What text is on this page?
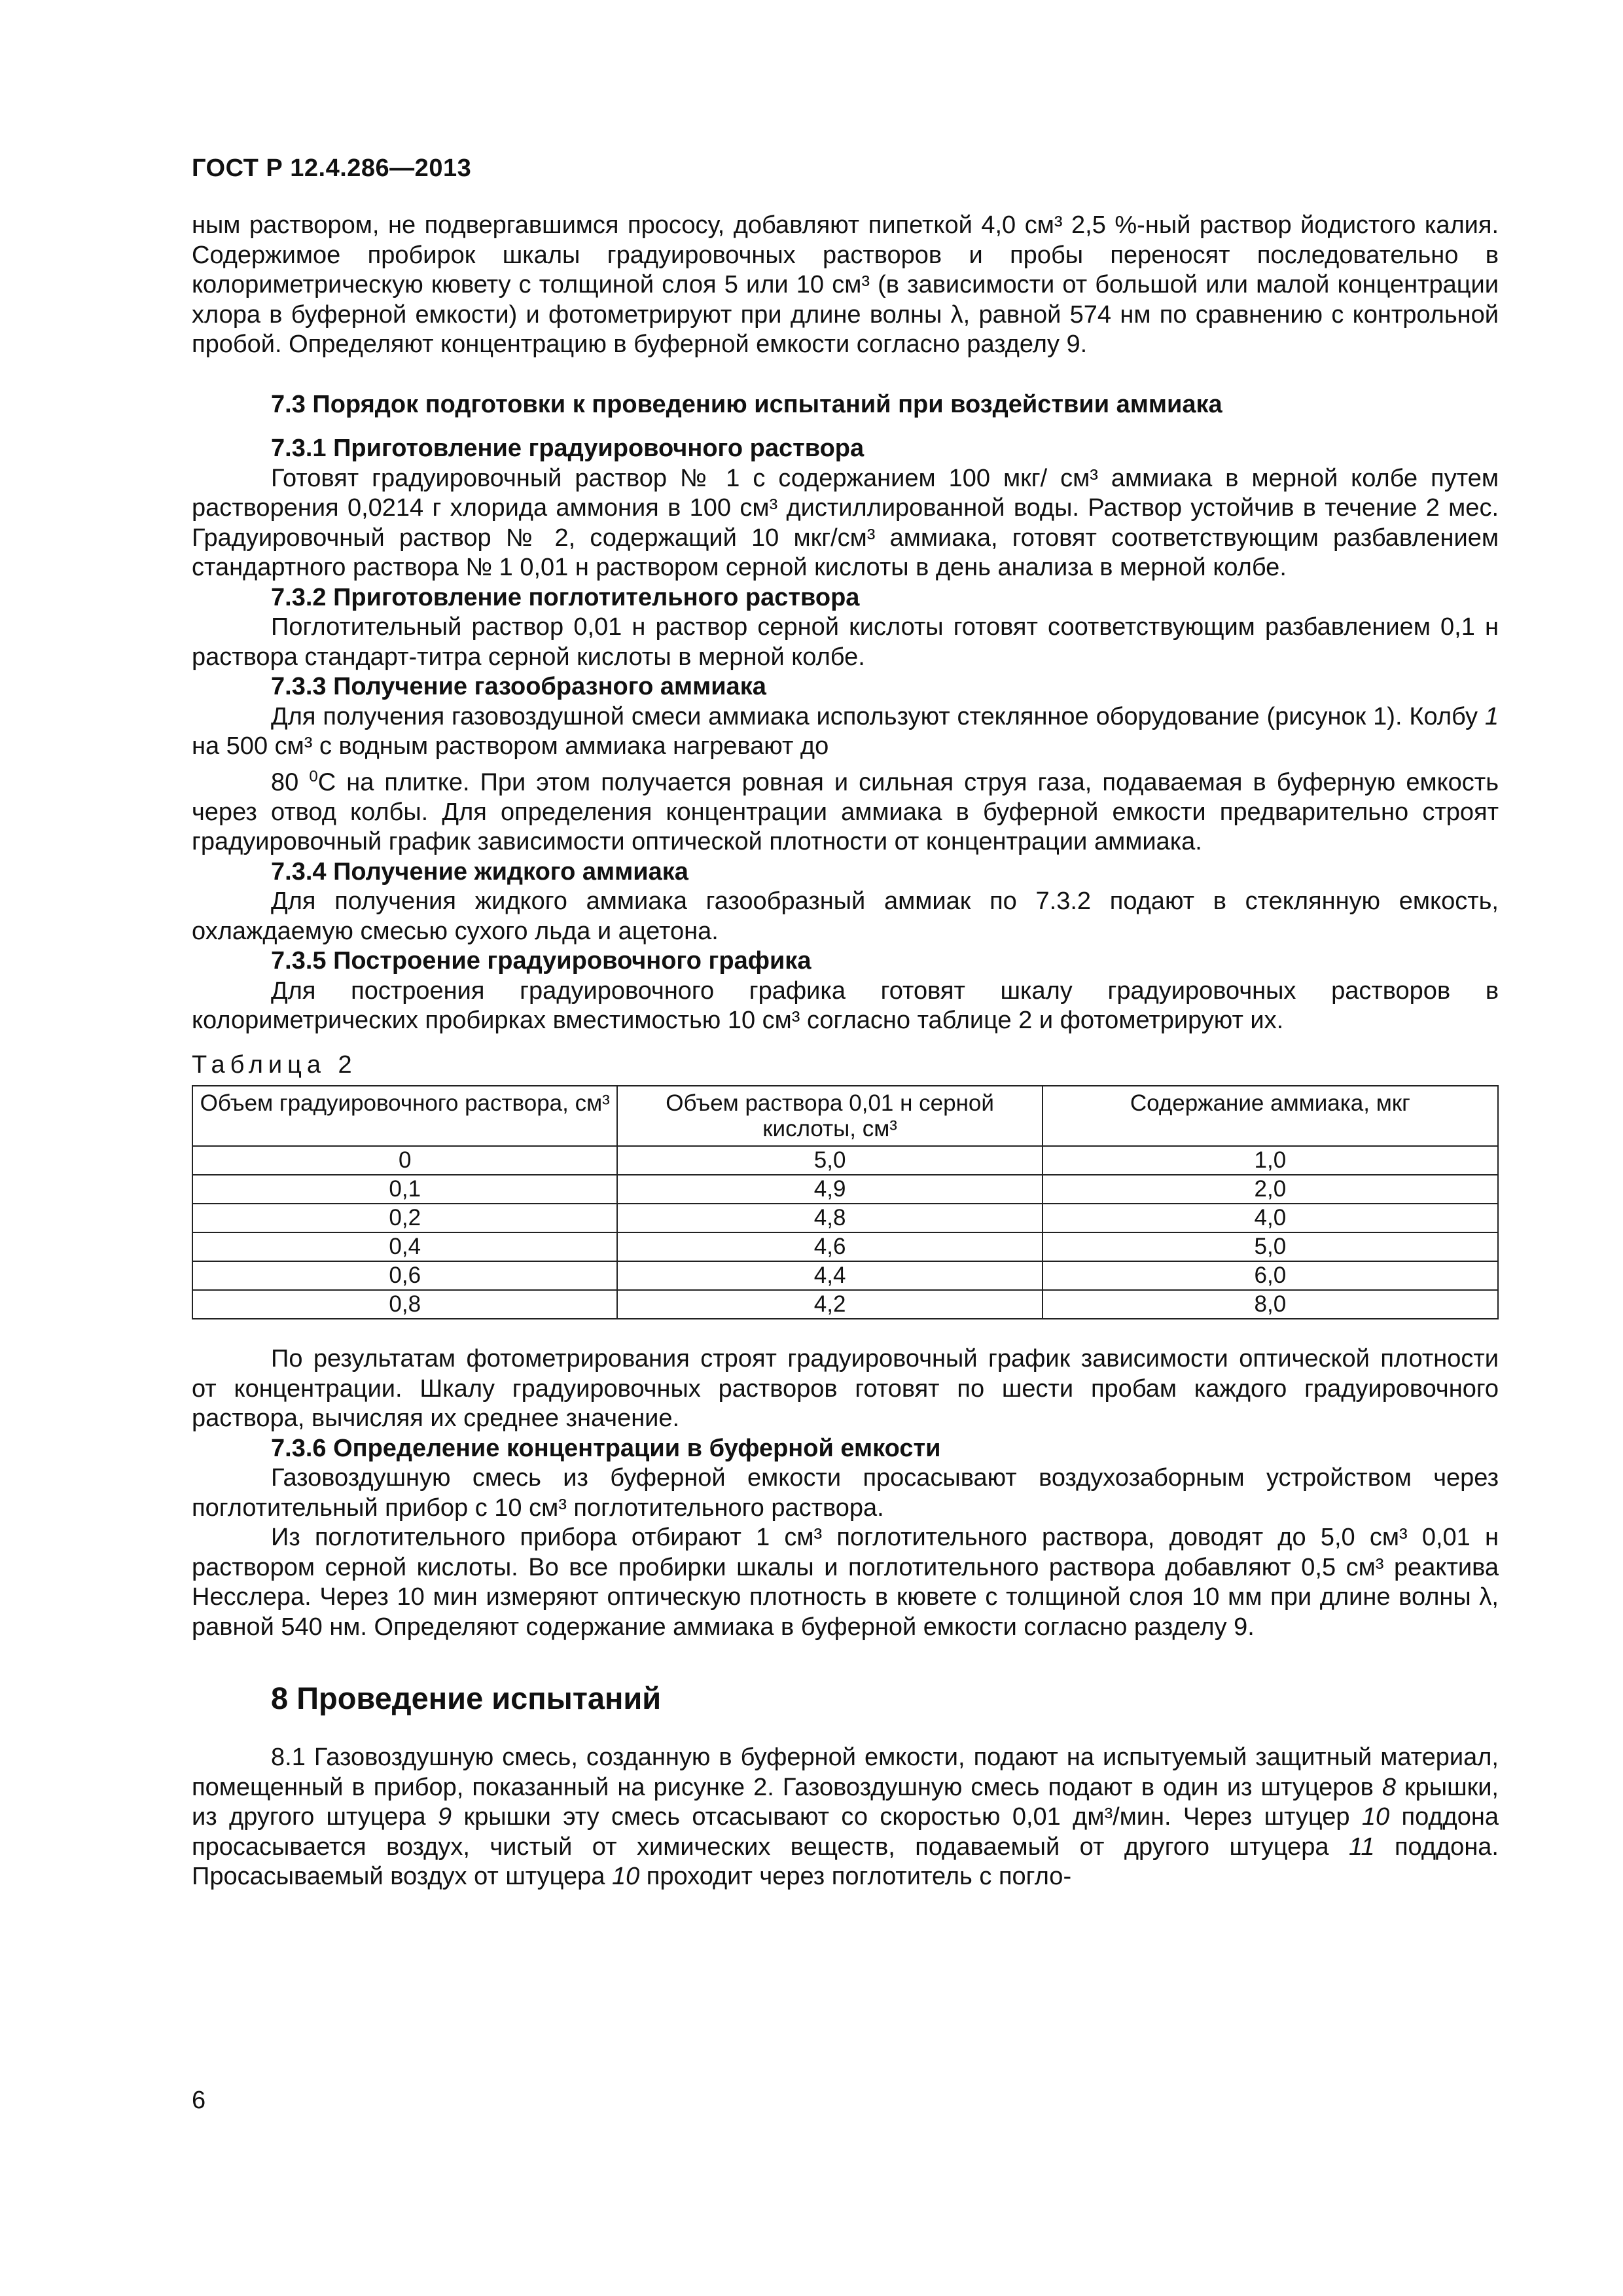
ГОСТ Р 12.4.286—2013

ным раствором, не подвергавшимся прососу, добавляют пипеткой 4,0 см³ 2,5 %-ный раствор йодистого калия. Содержимое пробирок шкалы градуировочных растворов и пробы переносят последовательно в колориметрическую кювету с толщиной слоя 5 или 10 см³ (в зависимости от большой или малой концентрации хлора в буферной емкости) и фотометрируют при длине волны λ, равной 574 нм по сравнению с контрольной пробой. Определяют концентрацию в буферной емкости согласно разделу 9.

7.3 Порядок подготовки к проведению испытаний при воздействии аммиака

7.3.1 Приготовление градуировочного раствора

Готовят градуировочный раствор № 1 с содержанием 100 мкг/ см³ аммиака в мерной колбе путем растворения 0,0214 г хлорида аммония в 100 см³ дистиллированной воды. Раствор устойчив в течение 2 мес. Градуировочный раствор № 2, содержащий 10 мкг/см³ аммиака, готовят соответствующим разбавлением стандартного раствора № 1 0,01 н раствором серной кислоты в день анализа в мерной колбе.

7.3.2 Приготовление поглотительного раствора

Поглотительный раствор 0,01 н раствор серной кислоты готовят соответствующим разбавлением 0,1 н раствора стандарт-титра серной кислоты в мерной колбе.

7.3.3 Получение газообразного аммиака

Для получения газовоздушной смеси аммиака используют стеклянное оборудование (рисунок 1). Колбу 1 на 500 см³ с водным раствором аммиака нагревают до

80 $^0$С на плитке. При этом получается ровная и сильная струя газа, подаваемая в буферную емкость через отвод колбы. Для определения концентрации аммиака в буферной емкости предварительно строят градуировочный график зависимости оптической плотности от концентрации аммиака.

7.3.4 Получение жидкого аммиака

Для получения жидкого аммиака газообразный аммиак по 7.3.2 подают в стеклянную емкость, охлаждаемую смесью сухого льда и ацетона.

7.3.5 Построение градуировочного графика

Для построения градуировочного графика готовят шкалу градуировочных растворов в колориметрических пробирках вместимостью 10 см³ согласно таблице 2 и фотометрируют их.

Таблица 2

Объем градуировочного раствора, см³	Объем раствора 0,01 н серной кислоты, см³	Содержание аммиака, мкг
0	5,0	1,0
0,1	4,9	2,0
0,2	4,8	4,0
0,4	4,6	5,0
0,6	4,4	6,0
0,8	4,2	8,0

По результатам фотометрирования строят градуировочный график зависимости оптической плотности от концентрации. Шкалу градуировочных растворов готовят по шести пробам каждого градуировочного раствора, вычисляя их среднее значение.

7.3.6 Определение концентрации в буферной емкости

Газовоздушную смесь из буферной емкости просасывают воздухозаборным устройством через поглотительный прибор с 10 см³ поглотительного раствора.

Из поглотительного прибора отбирают 1 см³ поглотительного раствора, доводят до 5,0 см³ 0,01 н раствором серной кислоты. Во все пробирки шкалы и поглотительного раствора добавляют 0,5 см³ реактива Несслера. Через 10 мин измеряют оптическую плотность в кювете с толщиной слоя 10 мм при длине волны λ, равной 540 нм. Определяют содержание аммиака в буферной емкости согласно разделу 9.

8 Проведение испытаний

8.1 Газовоздушную смесь, созданную в буферной емкости, подают на испытуемый защитный материал, помещенный в прибор, показанный на рисунке 2. Газовоздушную смесь подают в один из штуцеров 8 крышки, из другого штуцера 9 крышки эту смесь отсасывают со скоростью 0,01 дм³/мин. Через штуцер 10 поддона просасывается воздух, чистый от химических веществ, подаваемый от другого штуцера 11 поддона. Просасываемый воздух от штуцера 10 проходит через поглотитель с погло-

6
